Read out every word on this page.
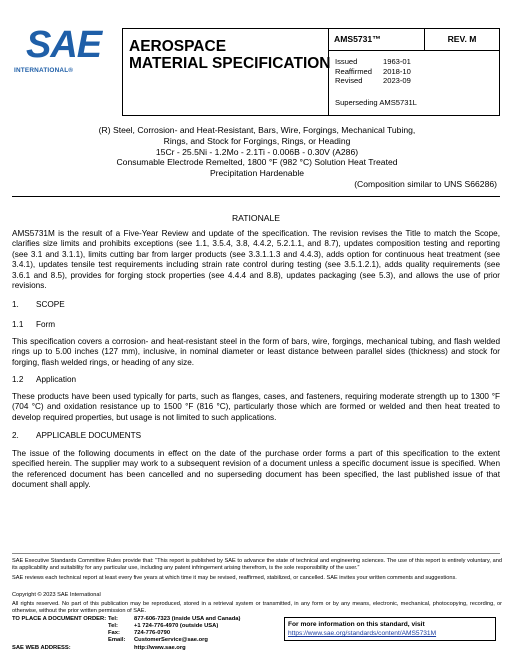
SAE
INTERNATIONAL®
AEROSPACE
MATERIAL SPECIFICATION
AMS5731™	REV. M
Issued	1963-01
Reaffirmed	2018-10
Revised	2023-09
Superseding AMS5731L
(R) Steel, Corrosion- and Heat-Resistant, Bars, Wire, Forgings, Mechanical Tubing,
Rings, and Stock for Forgings, Rings, or Heading
15Cr - 25.5Ni - 1.2Mo - 2.1Ti - 0.006B - 0.30V (A286)
Consumable Electrode Remelted, 1800 °F (982 °C) Solution Heat Treated
Precipitation Hardenable
(Composition similar to UNS S66286)
RATIONALE
AMS5731M is the result of a Five-Year Review and update of the specification. The revision revises the Title to match the Scope, clarifies size limits and prohibits exceptions (see 1.1, 3.5.4, 3.8, 4.4.2, 5.2.1.1, and 8.7), updates composition testing and reporting (see 3.1 and 3.1.1), limits cutting bar from larger products (see 3.3.1.1.3 and 4.4.3), adds option for continuous heat treatment (see 3.4.1), updates tensile test requirements including strain rate control during testing (see 3.5.1.2.1), adds quality requirements (see 3.6.1 and 8.5), provides for forging stock properties (see 4.4.4 and 8.8), updates packaging (see 5.3), and allows the use of prior revisions.
1.	SCOPE
1.1	Form
This specification covers a corrosion- and heat-resistant steel in the form of bars, wire, forgings, mechanical tubing, and flash welded rings up to 5.00 inches (127 mm), inclusive, in nominal diameter or least distance between parallel sides (thickness) and stock for forging, flash welded rings, or heading of any size.
1.2	Application
These products have been used typically for parts, such as flanges, cases, and fasteners, requiring moderate strength up to 1300 °F (704 °C) and oxidation resistance up to 1500 °F (816 °C), particularly those which are formed or welded and then heat treated to develop required properties, but usage is not limited to such applications.
2.	APPLICABLE DOCUMENTS
The issue of the following documents in effect on the date of the purchase order forms a part of this specification to the extent specified herein. The supplier may work to a subsequent revision of a document unless a specific document issue is specified. When the referenced document has been cancelled and no superseding document has been specified, the last published issue of that document shall apply.
SAE Executive Standards Committee Rules provide that: “This report is published by SAE to advance the state of technical and engineering sciences. The use of this report is entirely voluntary, and its applicability and suitability for any particular use, including any patent infringement arising therefrom, is the sole responsibility of the user.”
SAE reviews each technical report at least every five years at which time it may be revised, reaffirmed, stabilized, or cancelled. SAE invites your written comments and suggestions.
Copyright © 2023 SAE International
All rights reserved. No part of this publication may be reproduced, stored in a retrieval system or transmitted, in any form or by any means, electronic, mechanical, photocopying, recording, or otherwise, without the prior written permission of SAE.
TO PLACE A DOCUMENT ORDER: Tel:	877-606-7323 (inside USA and Canada)
Tel:	+1 724-776-4970 (outside USA)
Fax:	724-776-0790
Email:	CustomerService@sae.org
SAE WEB ADDRESS:	http://www.sae.org
For more information on this standard, visit
https://www.sae.org/standards/content/AMS5731M
